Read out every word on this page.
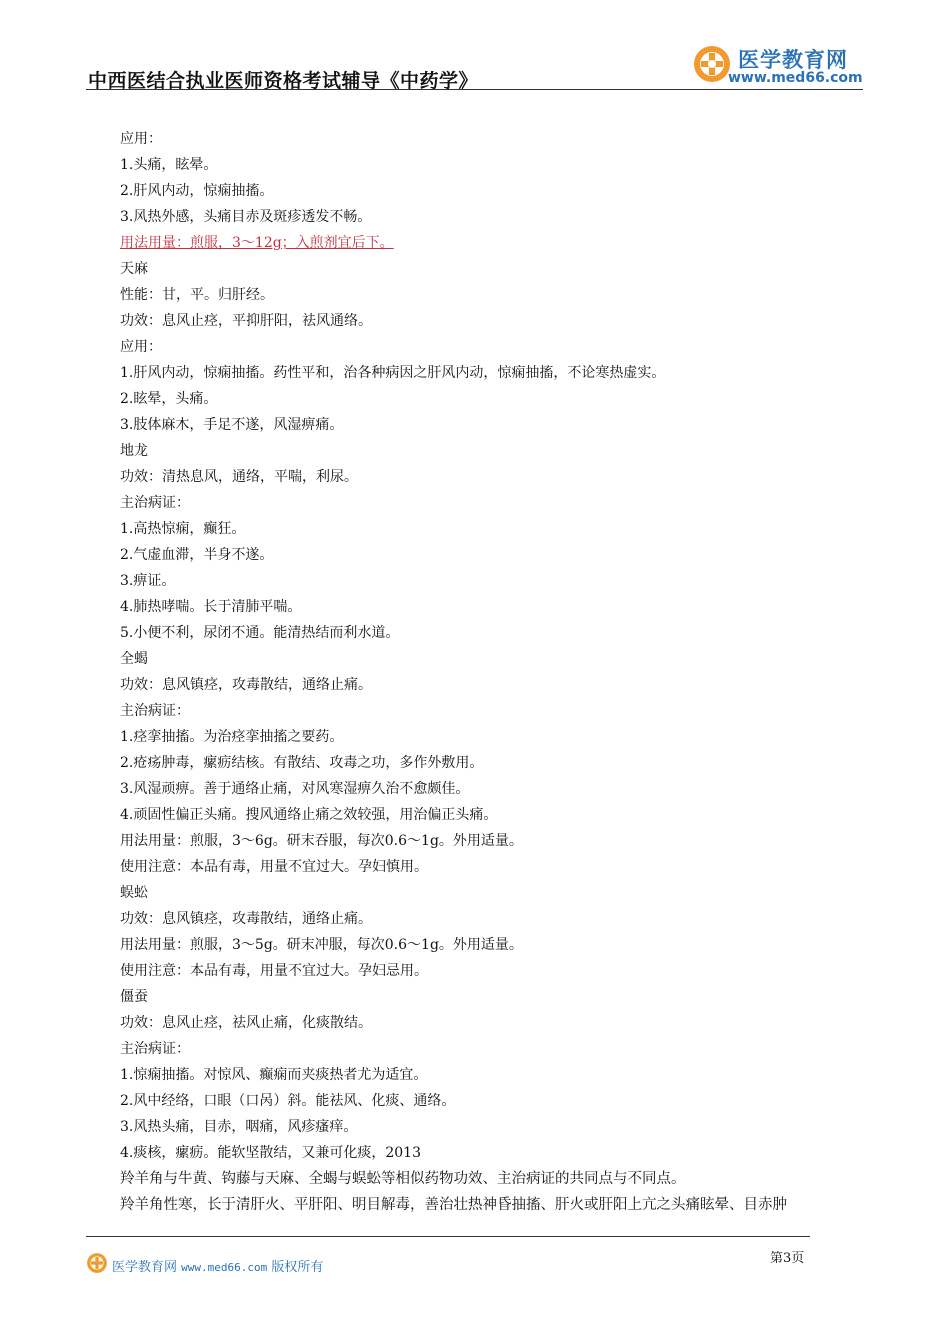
中西医结合执业医师资格考试辅导《中药学》
医学教育网
www.med66.com
应用：
1.头痛，眩晕。
2.肝风内动，惊痫抽搐。
3.风热外感，头痛目赤及斑疹透发不畅。
用法用量：煎服，3～12g；入煎剂宜后下。
天麻
性能：甘，平。归肝经。
功效：息风止痉，平抑肝阳，祛风通络。
应用：
1.肝风内动，惊痫抽搐。药性平和，治各种病因之肝风内动，惊痫抽搐，不论寒热虚实。
2.眩晕，头痛。
3.肢体麻木，手足不遂，风湿痹痛。
地龙
功效：清热息风，通络，平喘，利尿。
主治病证：
1.高热惊痫，癫狂。
2.气虚血滞，半身不遂。
3.痹证。
4.肺热哮喘。长于清肺平喘。
5.小便不利，尿闭不通。能清热结而利水道。
全蝎
功效：息风镇痉，攻毒散结，通络止痛。
主治病证：
1.痉挛抽搐。为治痉挛抽搐之要药。
2.疮疡肿毒，瘰疬结核。有散结、攻毒之功，多作外敷用。
3.风湿顽痹。善于通络止痛，对风寒湿痹久治不愈颇佳。
4.顽固性偏正头痛。搜风通络止痛之效较强，用治偏正头痛。
用法用量：煎服，3～6g。研末吞服，每次0.6～1g。外用适量。
使用注意：本品有毒，用量不宜过大。孕妇慎用。
蜈蚣
功效：息风镇痉，攻毒散结，通络止痛。
用法用量：煎服，3～5g。研末冲服，每次0.6～1g。外用适量。
使用注意：本品有毒，用量不宜过大。孕妇忌用。
僵蚕
功效：息风止痉，祛风止痛，化痰散结。
主治病证：
1.惊痫抽搐。对惊风、癫痫而夹痰热者尤为适宜。
2.风中经络，口眼（口呙）斜。能祛风、化痰、通络。
3.风热头痛，目赤，咽痛，风疹瘙痒。
4.痰核，瘰疬。能软坚散结，又兼可化痰，2013
羚羊角与牛黄、钩藤与天麻、全蝎与蜈蚣等相似药物功效、主治病证的共同点与不同点。
羚羊角性寒，长于清肝火、平肝阳、明目解毒，善治壮热神昏抽搐、肝火或肝阳上亢之头痛眩晕、目赤肿
医学教育网 www.med66.com 版权所有
第3页
